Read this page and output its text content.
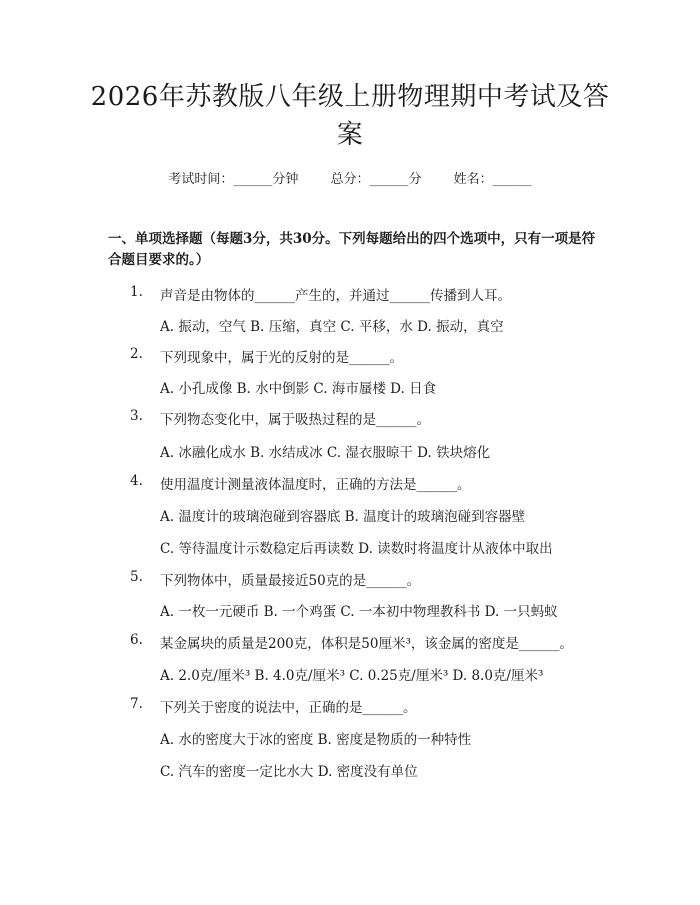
2026年苏教版八年级上册物理期中考试及答案
考试时间：______分钟 总分：______分 姓名：______
一、单项选择题（每题3分，共30分。下列每题给出的四个选项中，只有一项是符合题目要求的。）
1. 声音是由物体的______产生的，并通过______传播到人耳。
A. 振动，空气 B. 压缩，真空 C. 平移，水 D. 振动，真空
2. 下列现象中，属于光的反射的是______。
A. 小孔成像 B. 水中倒影 C. 海市蜃楼 D. 日食
3. 下列物态变化中，属于吸热过程的是______。
A. 冰融化成水 B. 水结成冰 C. 湿衣服晾干 D. 铁块熔化
4. 使用温度计测量液体温度时，正确的方法是______。
A. 温度计的玻璃泡碰到容器底 B. 温度计的玻璃泡碰到容器壁
C. 等待温度计示数稳定后再读数 D. 读数时将温度计从液体中取出
5. 下列物体中，质量最接近50克的是______。
A. 一枚一元硬币 B. 一个鸡蛋 C. 一本初中物理教科书 D. 一只蚂蚁
6. 某金属块的质量是200克，体积是50厘米³，该金属的密度是______。
A. 2.0克/厘米³ B. 4.0克/厘米³ C. 0.25克/厘米³ D. 8.0克/厘米³
7. 下列关于密度的说法中，正确的是______。
A. 水的密度大于冰的密度 B. 密度是物质的一种特性
C. 汽车的密度一定比水大 D. 密度没有单位
